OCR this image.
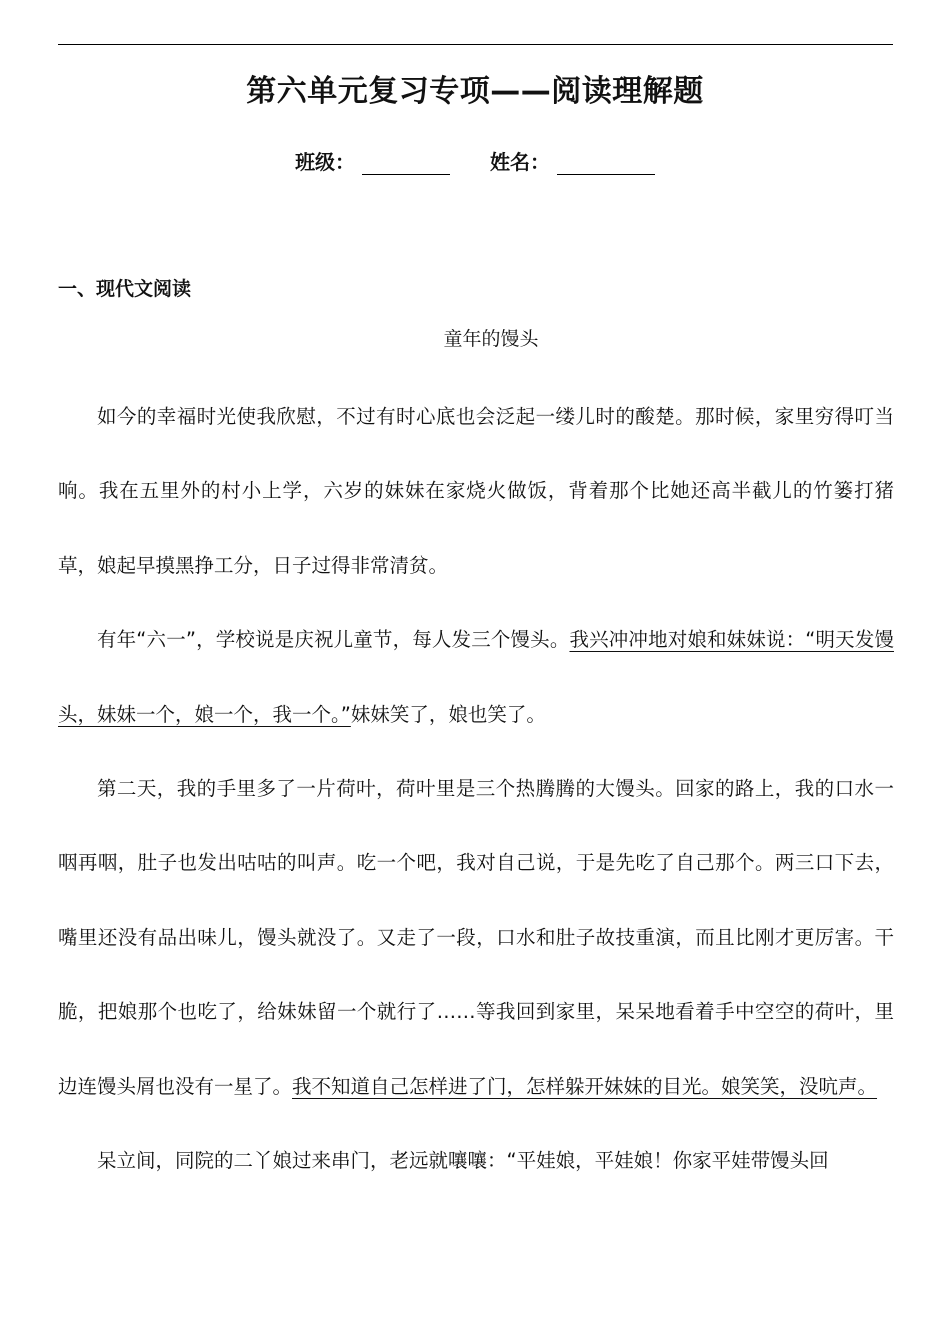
第六单元复习专项——阅读理解题
班级：	姓名：
一、现代文阅读
童年的馒头

如今的幸福时光使我欣慰，不过有时心底也会泛起一缕儿时的酸楚。那时候，家里穷得叮当响。我在五里外的村小上学，六岁的妹妹在家烧火做饭，背着那个比她还高半截儿的竹篓打猪草，娘起早摸黑挣工分，日子过得非常清贫。

有年“六一”，学校说是庆祝儿童节，每人发三个馒头。我兴冲冲地对娘和妹妹说：“明天发馒头，妹妹一个，娘一个，我一个。”妹妹笑了，娘也笑了。

第二天，我的手里多了一片荷叶，荷叶里是三个热腾腾的大馒头。回家的路上，我的口水一咽再咽，肚子也发出咕咕的叫声。吃一个吧，我对自己说，于是先吃了自己那个。两三口下去，嘴里还没有品出味儿，馒头就没了。又走了一段，口水和肚子故技重演，而且比刚才更厉害。干脆，把娘那个也吃了，给妹妹留一个就行了……等我回到家里，呆呆地看着手中空空的荷叶，里边连馒头屑也没有一星了。我不知道自己怎样进了门，怎样躲开妹妹的目光。娘笑笑，没吭声。

呆立间，同院的二丫娘过来串门，老远就嚷嚷：“平娃娘，平娃娘！你家平娃带馒头回
